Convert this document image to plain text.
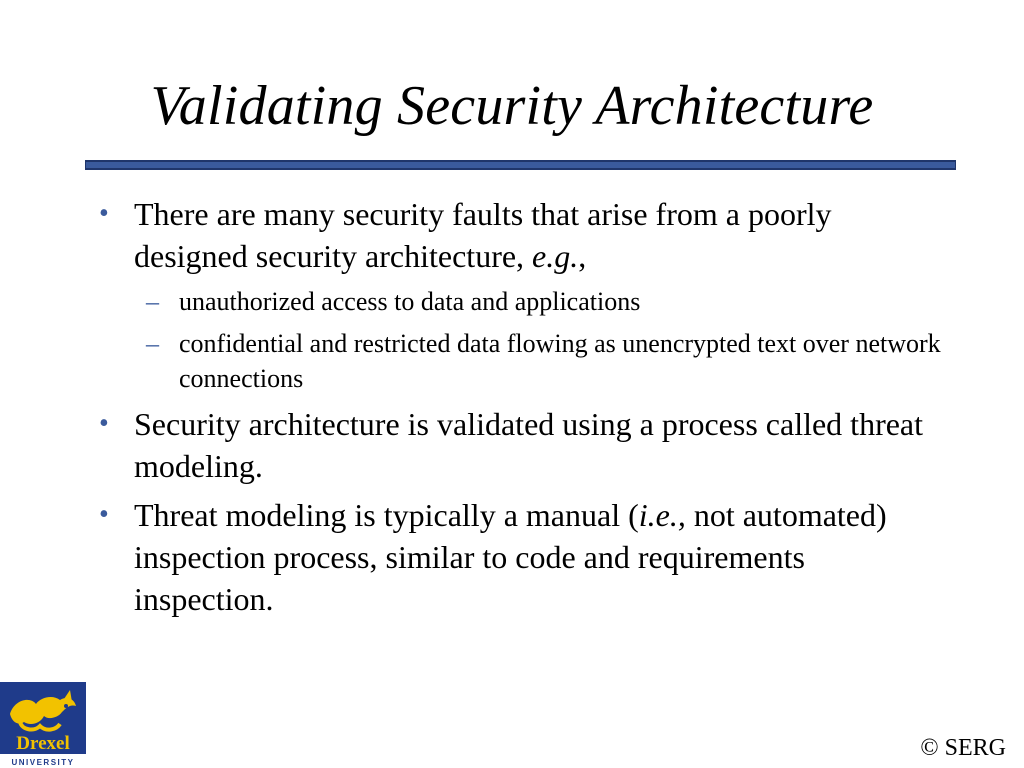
Validating Security Architecture
• There are many security faults that arise from a poorly designed security architecture, e.g.,
– unauthorized access to data and applications
– confidential and restricted data flowing as unencrypted text over network connections
• Security architecture is validated using a process called threat modeling.
• Threat modeling is typically a manual (i.e., not automated) inspection process, similar to code and requirements inspection.
Drexel
UNIVERSITY
© SERG
